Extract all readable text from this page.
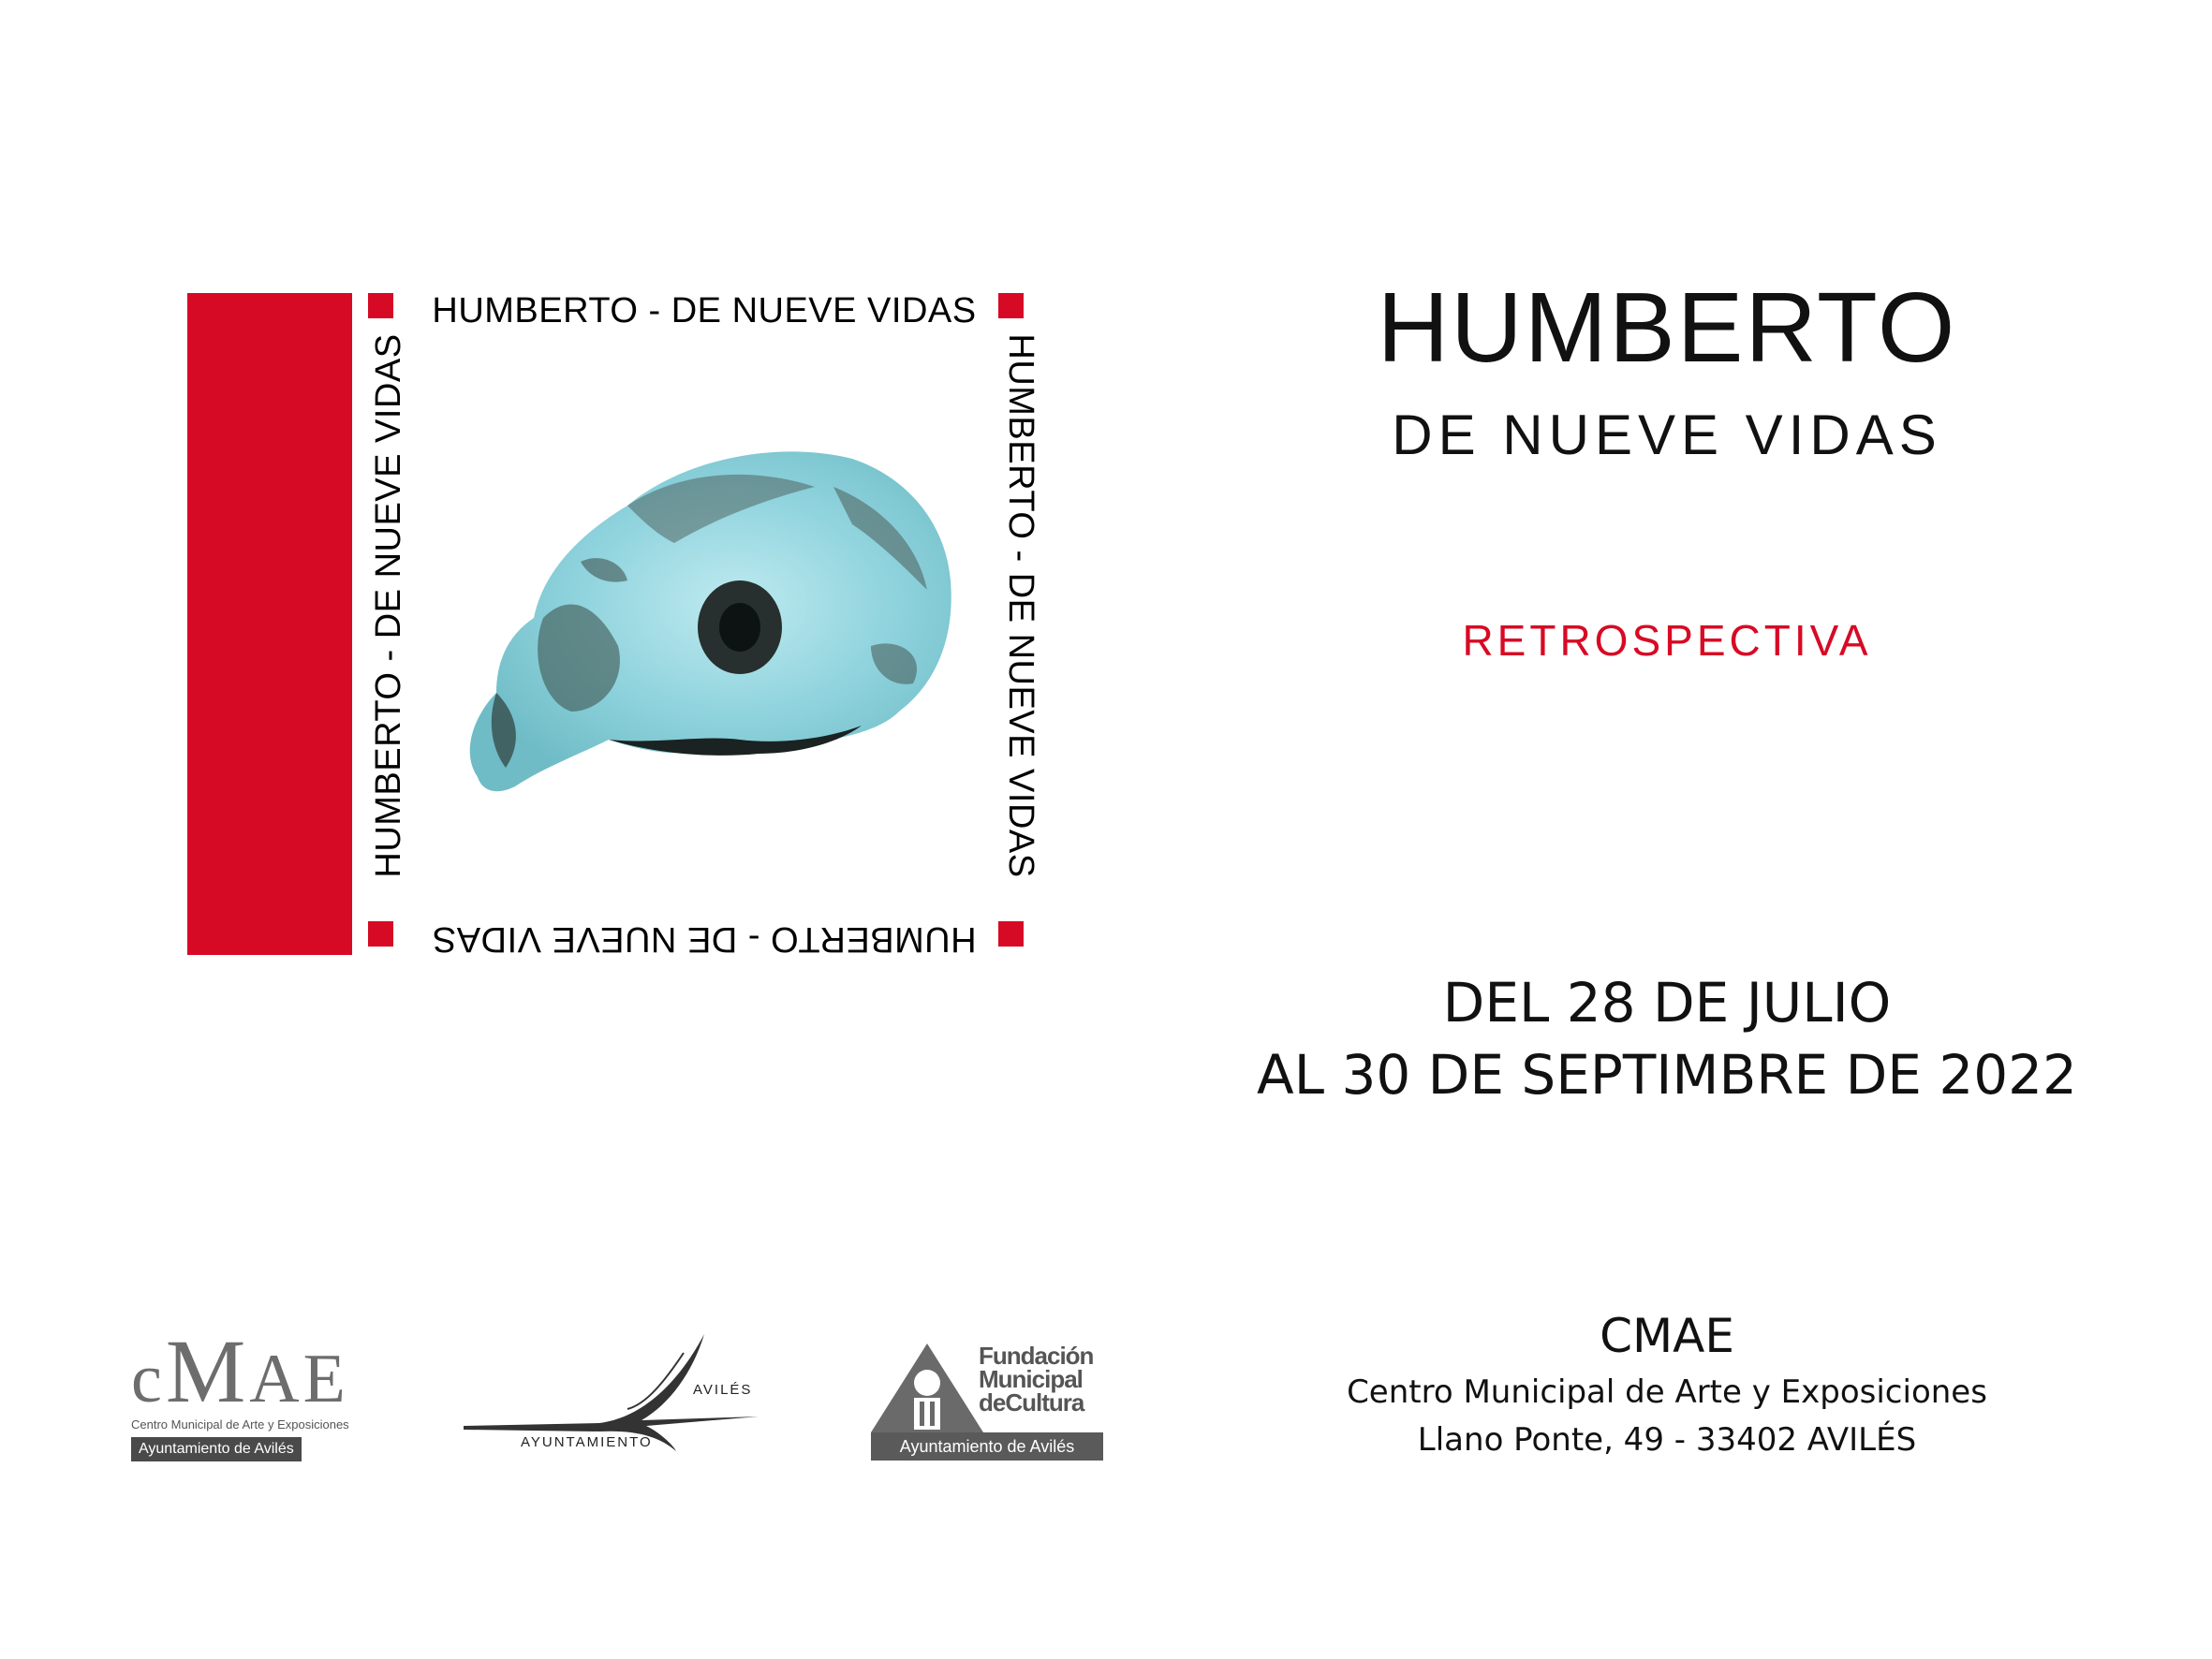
HUMBERTO - DE NUEVE VIDAS
HUMBERTO - DE NUEVE VIDAS
HUMBERTO - DE NUEVE VIDAS
HUMBERTO - DE NUEVE VIDAS
HUMBERTO
DE NUEVE VIDAS
RETROSPECTIVA
DEL 28 DE JULIO
AL 30 DE SEPTIMBRE DE 2022
CMAE
Centro Municipal de Arte y Exposiciones
Llano Ponte, 49 - 33402 AVILÉS
cMAE
Centro Municipal de Arte y Exposiciones
Ayuntamiento de Avilés
AVILÉS
AYUNTAMIENTO
Fundación
Municipal
deCultura
Ayuntamiento de Avilés
